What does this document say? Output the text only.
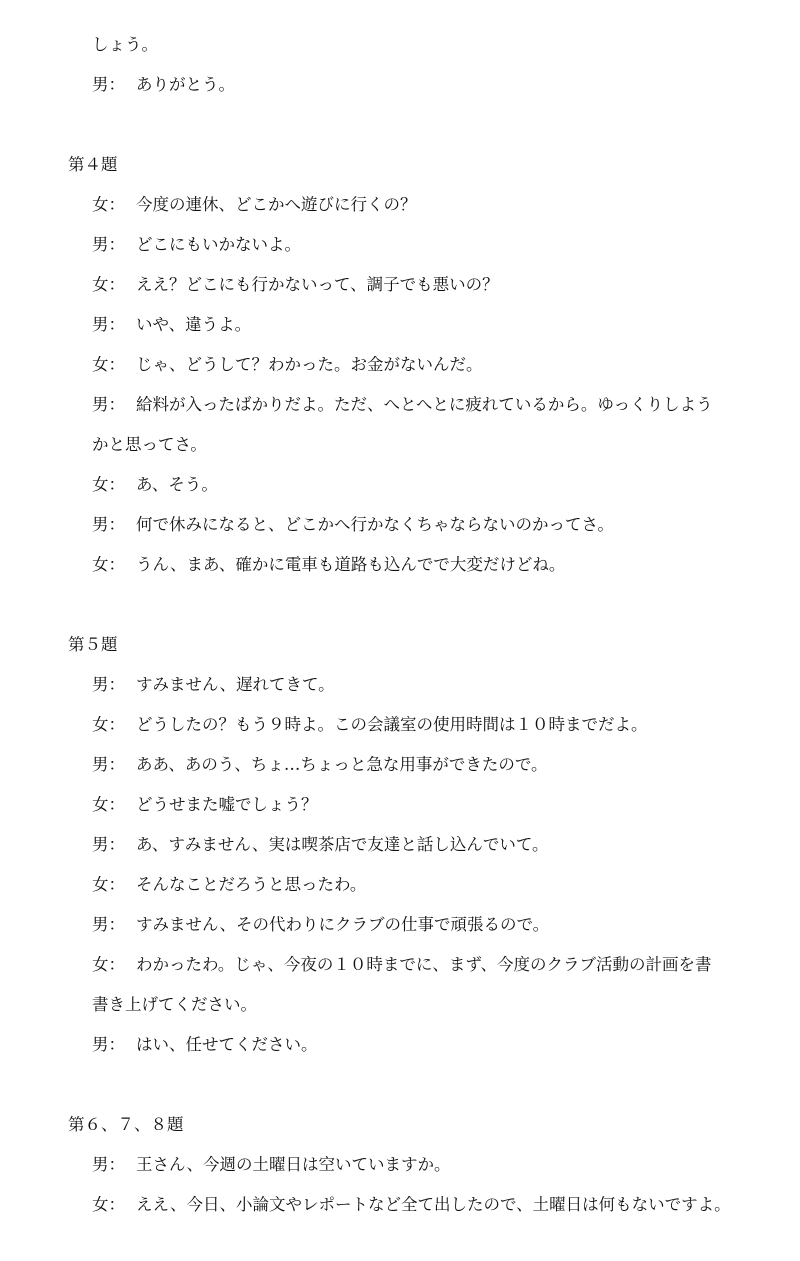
しょう。
男： ありがとう。
第４題
女： 今度の連休、どこかへ遊びに行くの？
男： どこにもいかないよ。
女： ええ？どこにも行かないって、調子でも悪いの？
男： いや、違うよ。
女： じゃ、どうして？わかった。お金がないんだ。
男： 給料が入ったばかりだよ。ただ、へとへとに疲れているから。ゆっくりしよう
かと思ってさ。
女： あ、そう。
男： 何で休みになると、どこかへ行かなくちゃならないのかってさ。
女： うん、まあ、確かに電車も道路も込んでで大変だけどね。
第５題
男： すみません、遅れてきて。
女： どうしたの？もう９時よ。この会議室の使用時間は１０時までだよ。
男： ああ、あのう、ちょ…ちょっと急な用事ができたので。
女： どうせまた嘘でしょう？
男： あ、すみません、実は喫茶店で友達と話し込んでいて。
女： そんなことだろうと思ったわ。
男： すみません、その代わりにクラブの仕事で頑張るので。
女： わかったわ。じゃ、今夜の１０時までに、まず、今度のクラブ活動の計画を書
書き上げてください。
男： はい、任せてください。
第６、７、８題
男： 王さん、今週の土曜日は空いていますか。
女： ええ、今日、小論文やレポートなど全て出したので、土曜日は何もないですよ。
